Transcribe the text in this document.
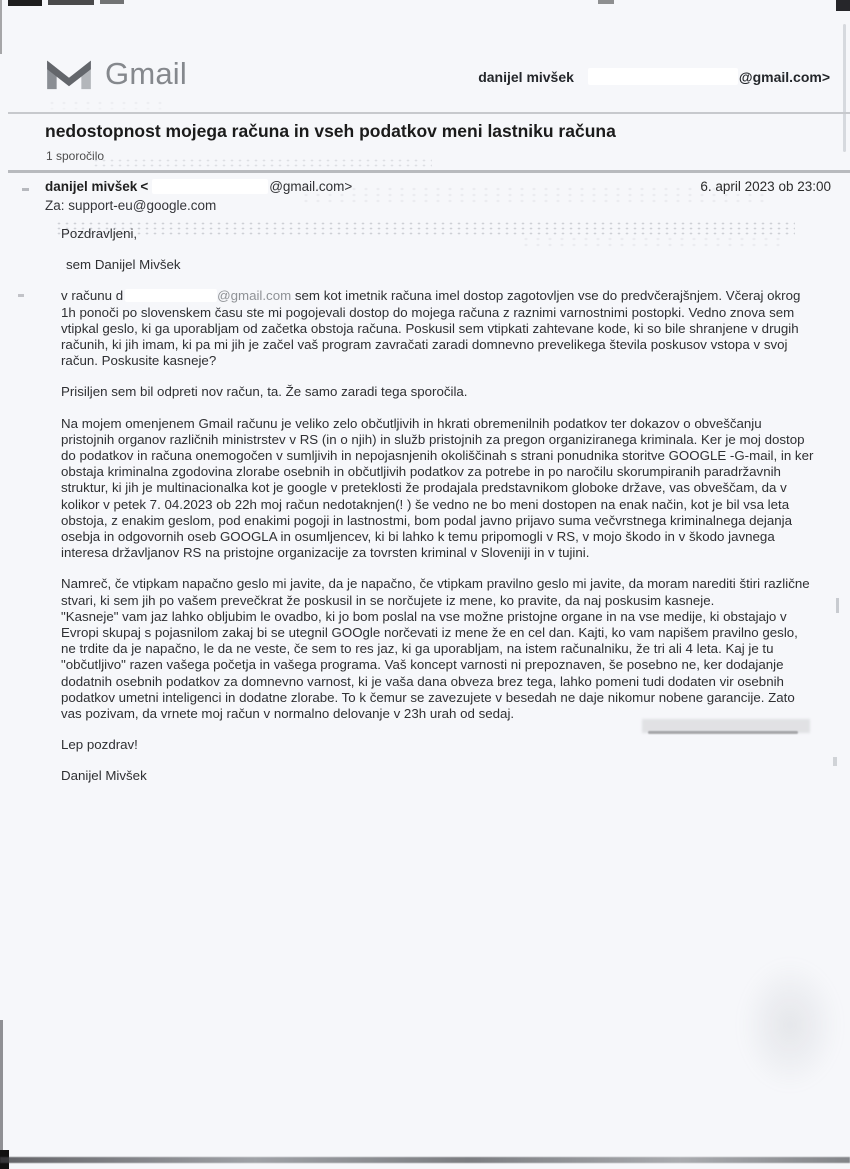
Gmail	danijel mivšek	@gmail.com>
nedostopnost mojega računa in vseh podatkov meni lastniku računa
1 sporočilo
danijel mivšek <	@gmail.com>	6. april 2023 ob 23:00
Za: support-eu@google.com

Pozdravljeni,

sem Danijel Mivšek

v računu d	@gmail.com sem kot imetnik računa imel dostop zagotovljen vse do predvčerajšnjem. Včeraj okrog 1h ponoči po slovenskem času ste mi pogojevali dostop do mojega računa z raznimi varnostnimi postopki. Vedno znova sem vtipkal geslo, ki ga uporabljam od začetka obstoja računa. Poskusil sem vtipkati zahtevane kode, ki so bile shranjene v drugih računih, ki jih imam, ki pa mi jih je začel vaš program zavračati zaradi domnevno prevelikega števila poskusov vstopa v svoj račun. Poskusite kasneje?

Prisiljen sem bil odpreti nov račun, ta. Že samo zaradi tega sporočila.

Na mojem omenjenem Gmail računu je veliko zelo občutljivih in hkrati obremenilnih podatkov ter dokazov o obveščanju pristojnih organov različnih ministrstev v RS (in o njih) in služb pristojnih za pregon organiziranega kriminala. Ker je moj dostop do podatkov in računa onemogočen v sumljivih in nepojasnjenih okoliščinah s strani ponudnika storitve GOOGLE -G-mail, in ker obstaja kriminalna zgodovina zlorabe osebnih in občutljivih podatkov za potrebe in po naročilu skorumpiranih paradržavnih struktur, ki jih je multinacionalka kot je google v preteklosti že prodajala predstavnikom globoke države, vas obveščam, da v kolikor v petek 7. 04.2023 ob 22h moj račun nedotaknjen(! ) še vedno ne bo meni dostopen na enak način, kot je bil vsa leta obstoja, z enakim geslom, pod enakimi pogoji in lastnostmi, bom podal javno prijavo suma večvrstnega kriminalnega dejanja osebja in odgovornih oseb GOOGLA in osumljencev, ki bi lahko k temu pripomogli v RS, v mojo škodo in v škodo javnega interesa državljanov RS na pristojne organizacije za tovrsten kriminal v Sloveniji in v tujini.

Namreč, če vtipkam napačno geslo mi javite, da je napačno, če vtipkam pravilno geslo mi javite, da moram narediti štiri različne stvari, ki sem jih po vašem prevečkrat že poskusil in se norčujete iz mene, ko pravite, da naj poskusim kasneje.

"Kasneje" vam jaz lahko obljubim le ovadbo, ki jo bom poslal na vse možne pristojne organe in na vse medije, ki obstajajo v Evropi skupaj s pojasnilom zakaj bi se utegnil GOOgle norčevati iz mene že en cel dan. Kajti, ko vam napišem pravilno geslo, ne trdite da je napačno, le da ne veste, če sem to res jaz, ki ga uporabljam, na istem računalniku, že tri ali 4 leta. Kaj je tu "občutljivo" razen vašega početja in vašega programa. Vaš koncept varnosti ni prepoznaven, še posebno ne, ker dodajanje dodatnih osebnih podatkov za domnevno varnost, ki je vaša dana obveza brez tega, lahko pomeni tudi dodaten vir osebnih podatkov umetni inteligenci in dodatne zlorabe. To k čemur se zavezujete v besedah ne daje nikomur nobene garancije. Zato vas pozivam, da vrnete moj račun v normalno delovanje v 23h urah od sedaj.

Lep pozdrav!

Danijel Mivšek
